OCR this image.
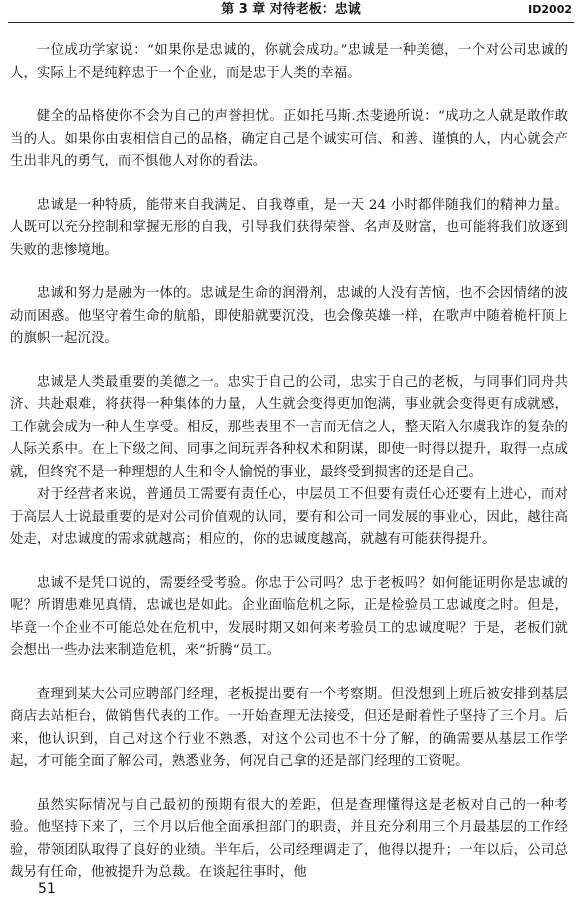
第 3 章 对待老板：忠诚	ID2002

一位成功学家说：“如果你是忠诚的，你就会成功。”忠诚是一种美德，一个对公司忠诚的人，实际上不是纯粹忠于一个企业，而是忠于人类的幸福。

健全的品格使你不会为自己的声誉担忧。正如托马斯.杰斐逊所说：“成功之人就是敢作敢当的人。如果你由衷相信自己的品格，确定自己是个诚实可信、和善、谨慎的人，内心就会产生出非凡的勇气，而不惧他人对你的看法。

忠诚是一种特质，能带来自我满足、自我尊重，是一天 24 小时都伴随我们的精神力量。人既可以充分控制和掌握无形的自我，引导我们获得荣誉、名声及财富，也可能将我们放逐到失败的悲惨境地。

忠诚和努力是融为一体的。忠诚是生命的润滑剂，忠诚的人没有苦恼，也不会因情绪的波动而困惑。他坚守着生命的航船，即使船就要沉没，也会像英雄一样，在歌声中随着桅杆顶上的旗帜一起沉没。

忠诚是人类最重要的美德之一。忠实于自己的公司，忠实于自己的老板，与同事们同舟共济、共赴艰难，将获得一种集体的力量，人生就会变得更加饱满，事业就会变得更有成就感，工作就会成为一种人生享受。相反，那些表里不一言而无信之人，整天陷入尔虞我诈的复杂的人际关系中。在上下级之间、同事之间玩弄各种权术和阴谋，即使一时得以提升，取得一点成就，但终究不是一种理想的人生和令人愉悦的事业，最终受到损害的还是自己。

对于经营者来说，普通员工需要有责任心，中层员工不但要有责任心还要有上进心，而对于高层人士说最重要的是对公司价值观的认同，要有和公司一同发展的事业心，因此，越往高处走，对忠诚度的需求就越高；相应的，你的忠诚度越高，就越有可能获得提升。

忠诚不是凭口说的，需要经受考验。你忠于公司吗？忠于老板吗？如何能证明你是忠诚的呢？所谓患难见真情，忠诚也是如此。企业面临危机之际，正是检验员工忠诚度之时。但是，毕竟一个企业不可能总处在危机中，发展时期又如何来考验员工的忠诚度呢？于是，老板们就会想出一些办法来制造危机，来“折腾“员工。

查理到某大公司应聘部门经理，老板提出要有一个考察期。但没想到上班后被安排到基层商店去站柜台，做销售代表的工作。一开始查理无法接受，但还是耐着性子坚持了三个月。后来，他认识到，自己对这个行业不熟悉，对这个公司也不十分了解，的确需要从基层工作学起，才可能全面了解公司，熟悉业务，何况自己拿的还是部门经理的工资呢。

虽然实际情况与自己最初的预期有很大的差距，但是查理懂得这是老板对自己的一种考验。他坚持下来了，三个月以后他全面承担部门的职责，并且充分利用三个月最基层的工作经验，带领团队取得了良好的业绩。半年后，公司经理调走了，他得以提升；一年以后，公司总裁另有任命，他被提升为总裁。在谈起往事时，他

51
